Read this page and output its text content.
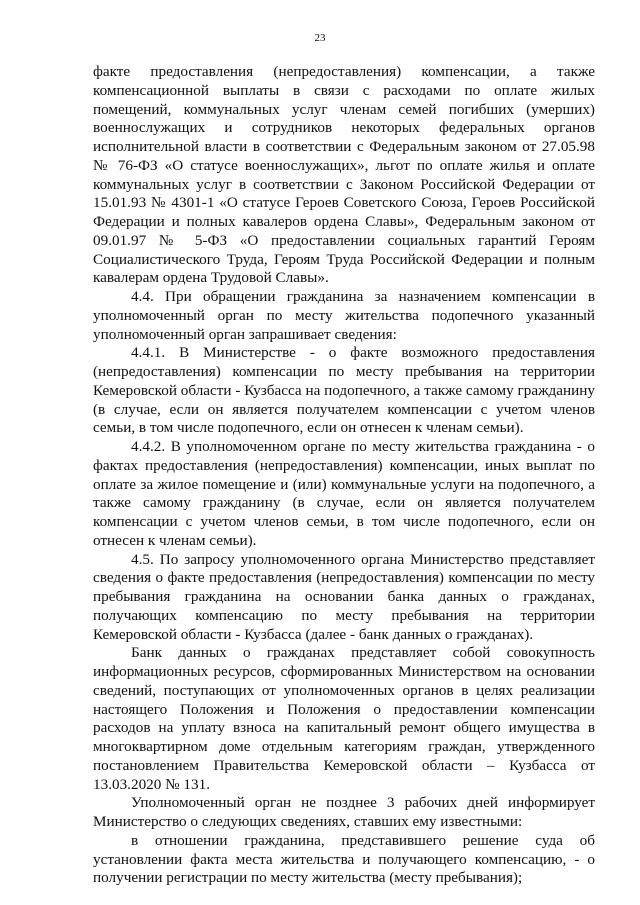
23

факте предоставления (непредоставления) компенсации, а также компенсационной выплаты в связи с расходами по оплате жилых помещений, коммунальных услуг членам семей погибших (умерших) военнослужащих и сотрудников некоторых федеральных органов исполнительной власти в соответствии с Федеральным законом от 27.05.98 № 76-ФЗ «О статусе военнослужащих», льгот по оплате жилья и оплате коммунальных услуг в соответствии с Законом Российской Федерации от 15.01.93 № 4301-1 «О статусе Героев Советского Союза, Героев Российской Федерации и полных кавалеров ордена Славы», Федеральным законом от 09.01.97 № 5-ФЗ «О предоставлении социальных гарантий Героям Социалистического Труда, Героям Труда Российской Федерации и полным кавалерам ордена Трудовой Славы».

4.4. При обращении гражданина за назначением компенсации в уполномоченный орган по месту жительства подопечного указанный уполномоченный орган запрашивает сведения:

4.4.1. В Министерстве - о факте возможного предоставления (непредоставления) компенсации по месту пребывания на территории Кемеровской области - Кузбасса на подопечного, а также самому гражданину (в случае, если он является получателем компенсации с учетом членов семьи, в том числе подопечного, если он отнесен к членам семьи).

4.4.2. В уполномоченном органе по месту жительства гражданина - о фактах предоставления (непредоставления) компенсации, иных выплат по оплате за жилое помещение и (или) коммунальные услуги на подопечного, а также самому гражданину (в случае, если он является получателем компенсации с учетом членов семьи, в том числе подопечного, если он отнесен к членам семьи).

4.5. По запросу уполномоченного органа Министерство представляет сведения о факте предоставления (непредоставления) компенсации по месту пребывания гражданина на основании банка данных о гражданах, получающих компенсацию по месту пребывания на территории Кемеровской области - Кузбасса (далее - банк данных о гражданах).

Банк данных о гражданах представляет собой совокупность информационных ресурсов, сформированных Министерством на основании сведений, поступающих от уполномоченных органов в целях реализации настоящего Положения и Положения о предоставлении компенсации расходов на уплату взноса на капитальный ремонт общего имущества в многоквартирном доме отдельным категориям граждан, утвержденного постановлением Правительства Кемеровской области – Кузбасса от 13.03.2020 № 131.

Уполномоченный орган не позднее 3 рабочих дней информирует Министерство о следующих сведениях, ставших ему известными:

в отношении гражданина, представившего решение суда об установлении факта места жительства и получающего компенсацию, - о получении регистрации по месту жительства (месту пребывания);
